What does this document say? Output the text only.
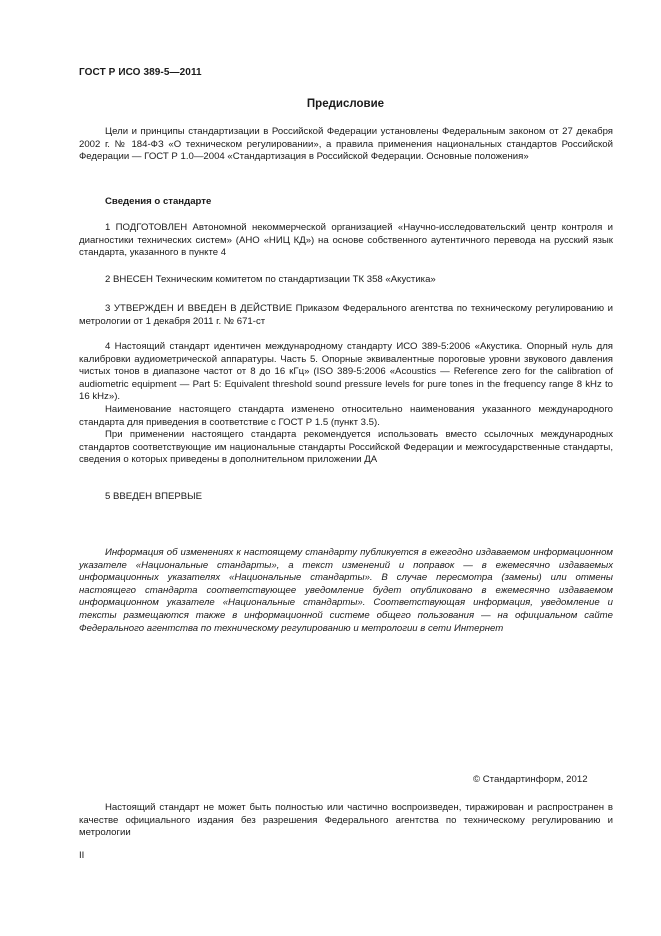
ГОСТ Р ИСО 389-5—2011
Предисловие

Цели и принципы стандартизации в Российской Федерации установлены Федеральным законом от 27 декабря 2002 г. № 184-ФЗ «О техническом регулировании», а правила применения национальных стандартов Российской Федерации — ГОСТ Р 1.0—2004 «Стандартизация в Российской Федерации. Основные положения»

Сведения о стандарте

1 ПОДГОТОВЛЕН Автономной некоммерческой организацией «Научно-исследовательский центр контроля и диагностики технических систем» (АНО «НИЦ КД») на основе собственного аутентичного перевода на русский язык стандарта, указанного в пункте 4

2 ВНЕСЕН Техническим комитетом по стандартизации ТК 358 «Акустика»

3 УТВЕРЖДЕН И ВВЕДЕН В ДЕЙСТВИЕ Приказом Федерального агентства по техническому регулированию и метрологии от 1 декабря 2011 г. № 671-ст

4 Настоящий стандарт идентичен международному стандарту ИСО 389-5:2006 «Акустика. Опорный нуль для калибровки аудиометрической аппаратуры. Часть 5. Опорные эквивалентные пороговые уровни звукового давления чистых тонов в диапазоне частот от 8 до 16 кГц» (ISO 389-5:2006 «Acoustics — Reference zero for the calibration of audiometric equipment — Part 5: Equivalent threshold sound pressure levels for pure tones in the frequency range 8 kHz to 16 kHz»).

Наименование настоящего стандарта изменено относительно наименования указанного международного стандарта для приведения в соответствие с ГОСТ Р 1.5 (пункт 3.5).

При применении настоящего стандарта рекомендуется использовать вместо ссылочных международных стандартов соответствующие им национальные стандарты Российской Федерации и межгосударственные стандарты, сведения о которых приведены в дополнительном приложении ДА

5 ВВЕДЕН ВПЕРВЫЕ

Информация об изменениях к настоящему стандарту публикуется в ежегодно издаваемом информационном указателе «Национальные стандарты», а текст изменений и поправок — в ежемесячно издаваемых информационных указателях «Национальные стандарты». В случае пересмотра (замены) или отмены настоящего стандарта соответствующее уведомление будет опубликовано в ежемесячно издаваемом информационном указателе «Национальные стандарты». Соответствующая информация, уведомление и тексты размещаются также в информационной системе общего пользования — на официальном сайте Федерального агентства по техническому регулированию и метрологии в сети Интернет

© Стандартинформ, 2012

Настоящий стандарт не может быть полностью или частично воспроизведен, тиражирован и распространен в качестве официального издания без разрешения Федерального агентства по техническому регулированию и метрологии

II
